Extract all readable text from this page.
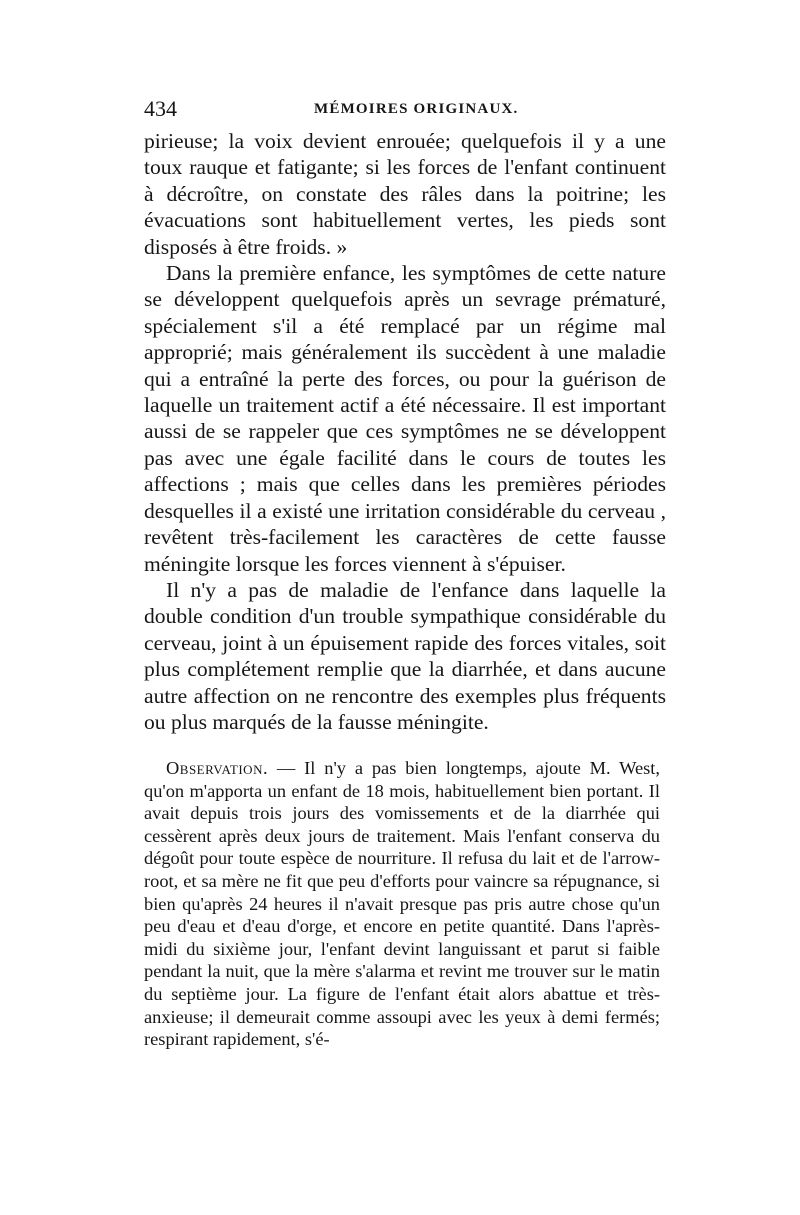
434	MÉMOIRES ORIGINAUX.

pirieuse; la voix devient enrouée; quelquefois il y a une toux rauque et fatigante; si les forces de l'enfant continuent à décroître, on constate des râles dans la poitrine; les évacuations sont habituellement vertes, les pieds sont disposés à être froids. »

Dans la première enfance, les symptômes de cette nature se développent quelquefois après un sevrage prématuré, spécialement s'il a été remplacé par un régime mal approprié; mais généralement ils succèdent à une maladie qui a entraîné la perte des forces, ou pour la guérison de laquelle un traitement actif a été nécessaire. Il est important aussi de se rappeler que ces symptômes ne se développent pas avec une égale facilité dans le cours de toutes les affections ; mais que celles dans les premières périodes desquelles il a existé une irritation considérable du cerveau , revêtent très-facilement les caractères de cette fausse méningite lorsque les forces viennent à s'épuiser.

Il n'y a pas de maladie de l'enfance dans laquelle la double condition d'un trouble sympathique considérable du cerveau, joint à un épuisement rapide des forces vitales, soit plus complétement remplie que la diarrhée, et dans aucune autre affection on ne rencontre des exemples plus fréquents ou plus marqués de la fausse méningite.

Observation. — Il n'y a pas bien longtemps, ajoute M. West, qu'on m'apporta un enfant de 18 mois, habituellement bien portant. Il avait depuis trois jours des vomissements et de la diarrhée qui cessèrent après deux jours de traitement. Mais l'enfant conserva du dégoût pour toute espèce de nourriture. Il refusa du lait et de l'arrow-root, et sa mère ne fit que peu d'efforts pour vaincre sa répugnance, si bien qu'après 24 heures il n'avait presque pas pris autre chose qu'un peu d'eau et d'eau d'orge, et encore en petite quantité. Dans l'après-midi du sixième jour, l'enfant devint languissant et parut si faible pendant la nuit, que la mère s'alarma et revint me trouver sur le matin du septième jour. La figure de l'enfant était alors abattue et très-anxieuse; il demeurait comme assoupi avec les yeux à demi fermés; respirant rapidement, s'é-
